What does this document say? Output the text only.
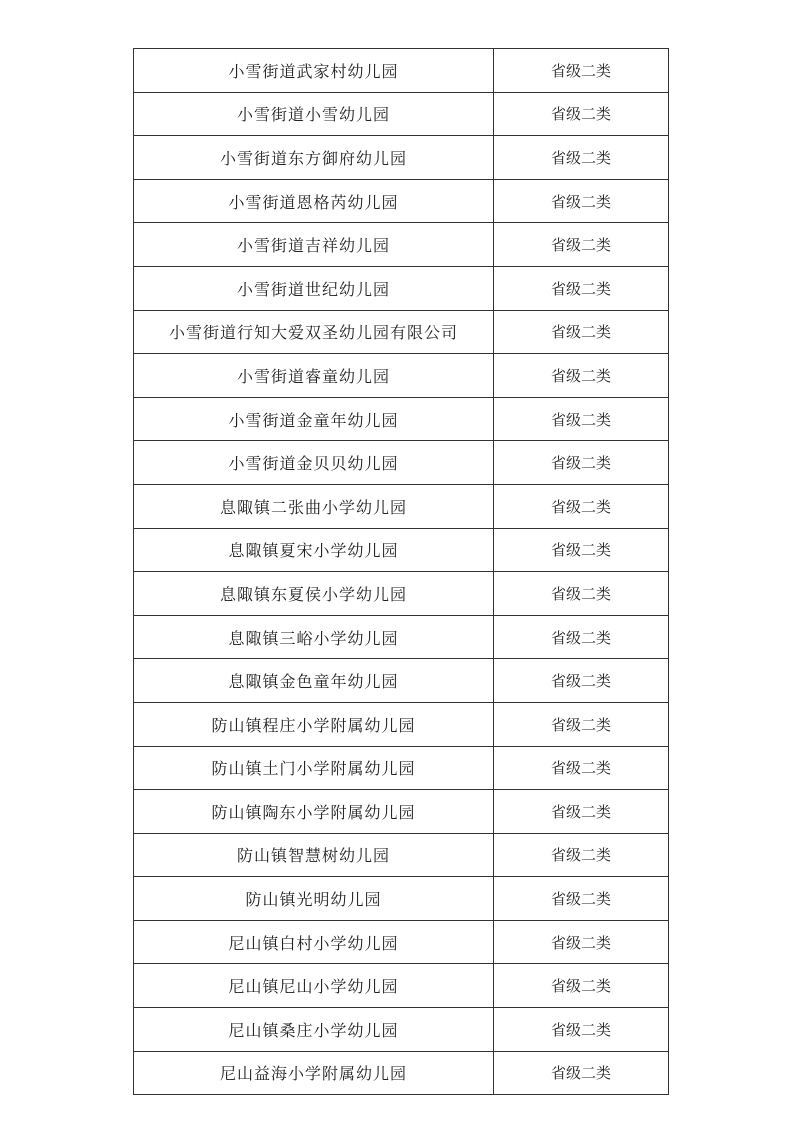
小雪街道武家村幼儿园	省级二类
小雪街道小雪幼儿园	省级二类
小雪街道东方御府幼儿园	省级二类
小雪街道恩格芮幼儿园	省级二类
小雪街道吉祥幼儿园	省级二类
小雪街道世纪幼儿园	省级二类
小雪街道行知大爱双圣幼儿园有限公司	省级二类
小雪街道睿童幼儿园	省级二类
小雪街道金童年幼儿园	省级二类
小雪街道金贝贝幼儿园	省级二类
息陬镇二张曲小学幼儿园	省级二类
息陬镇夏宋小学幼儿园	省级二类
息陬镇东夏侯小学幼儿园	省级二类
息陬镇三峪小学幼儿园	省级二类
息陬镇金色童年幼儿园	省级二类
防山镇程庄小学附属幼儿园	省级二类
防山镇土门小学附属幼儿园	省级二类
防山镇陶东小学附属幼儿园	省级二类
防山镇智慧树幼儿园	省级二类
防山镇光明幼儿园	省级二类
尼山镇白村小学幼儿园	省级二类
尼山镇尼山小学幼儿园	省级二类
尼山镇桑庄小学幼儿园	省级二类
尼山益海小学附属幼儿园	省级二类
